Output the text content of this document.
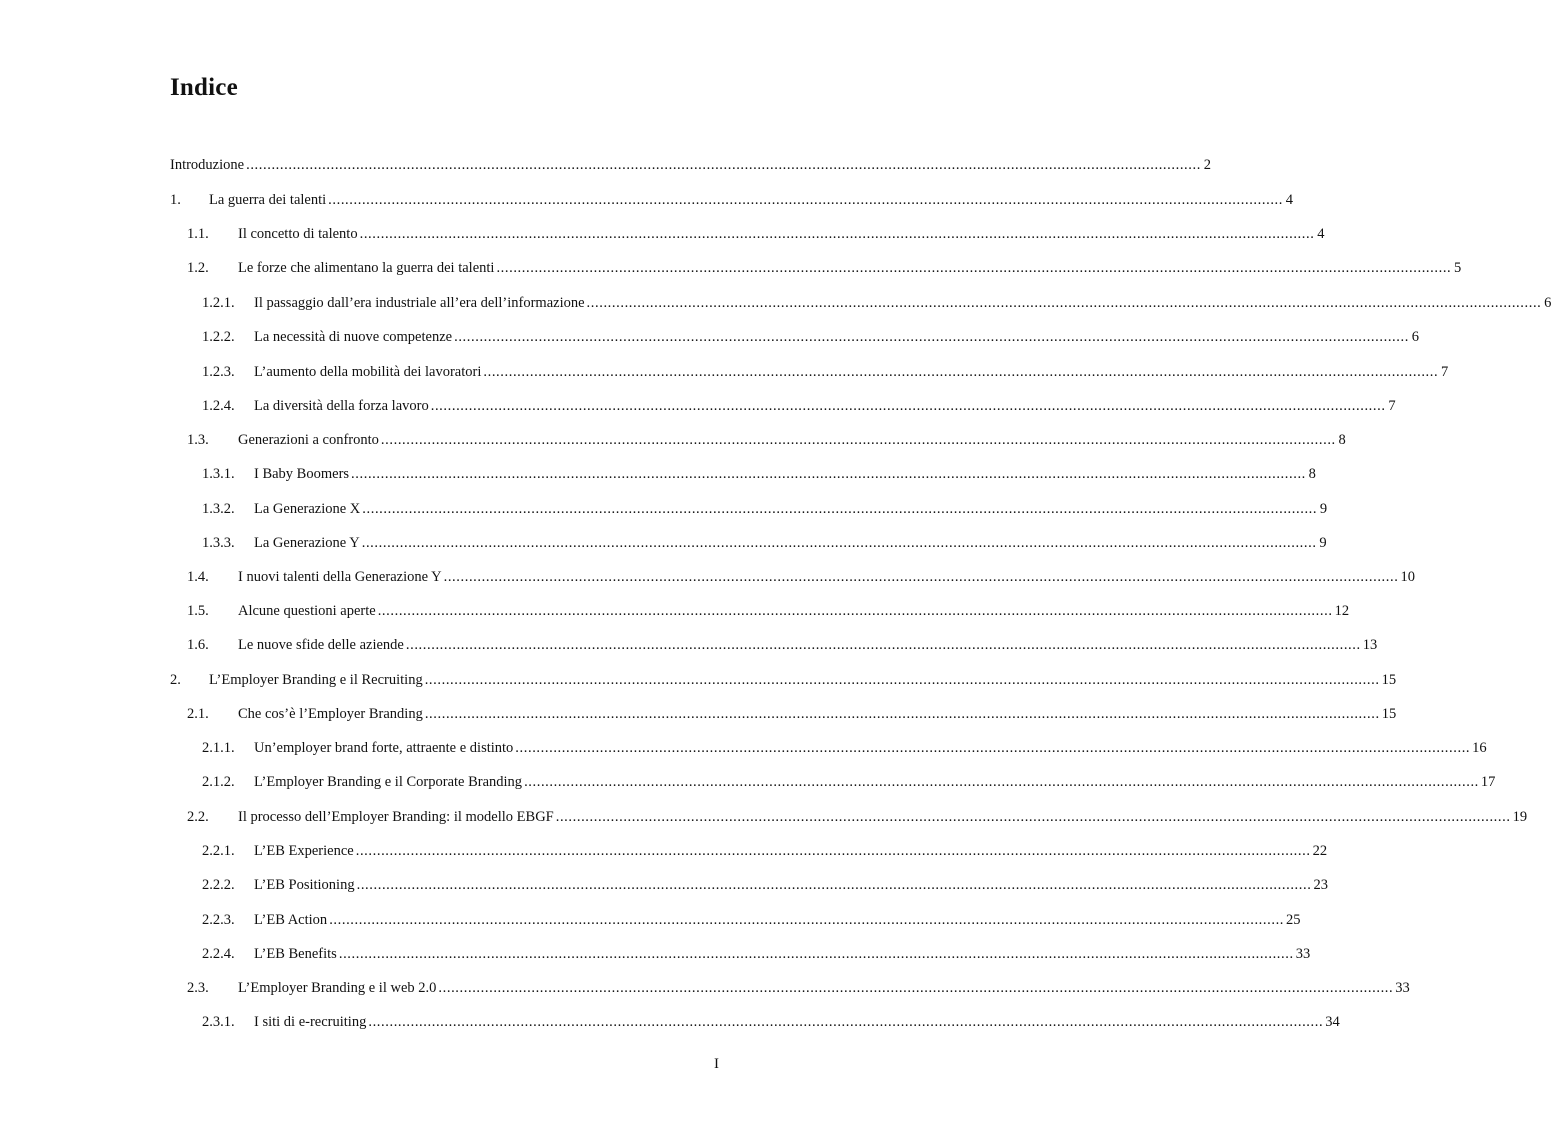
Indice
Introduzione .....	2
1.	La guerra dei talenti .....	4
1.1.	Il concetto di talento .....	4
1.2.	Le forze che alimentano la guerra dei talenti .....	5
1.2.1.	Il passaggio dall’era industriale all’era dell’informazione .....	6
1.2.2.	La necessità di nuove competenze .....	6
1.2.3.	L’aumento della mobilità dei lavoratori .....	7
1.2.4.	La diversità della forza lavoro .....	7
1.3.	Generazioni a confronto .....	8
1.3.1.	I Baby Boomers .....	8
1.3.2.	La Generazione X .....	9
1.3.3.	La Generazione Y .....	9
1.4.	I nuovi talenti della Generazione Y .....	10
1.5.	Alcune questioni aperte .....	12
1.6.	Le nuove sfide delle aziende .....	13
2.	L’Employer Branding e il Recruiting .....	15
2.1.	Che cos’è l’Employer Branding .....	15
2.1.1.	Un’employer brand forte, attraente e distinto .....	16
2.1.2.	L’Employer Branding e il Corporate Branding .....	17
2.2.	Il processo dell’Employer Branding: il modello EBGF .....	19
2.2.1.	L’EB Experience .....	22
2.2.2.	L’EB Positioning .....	23
2.2.3.	L’EB Action .....	25
2.2.4.	L’EB Benefits .....	33
2.3.	L’Employer Branding e il web 2.0 .....	33
2.3.1.	I siti di e-recruiting .....	34
I
